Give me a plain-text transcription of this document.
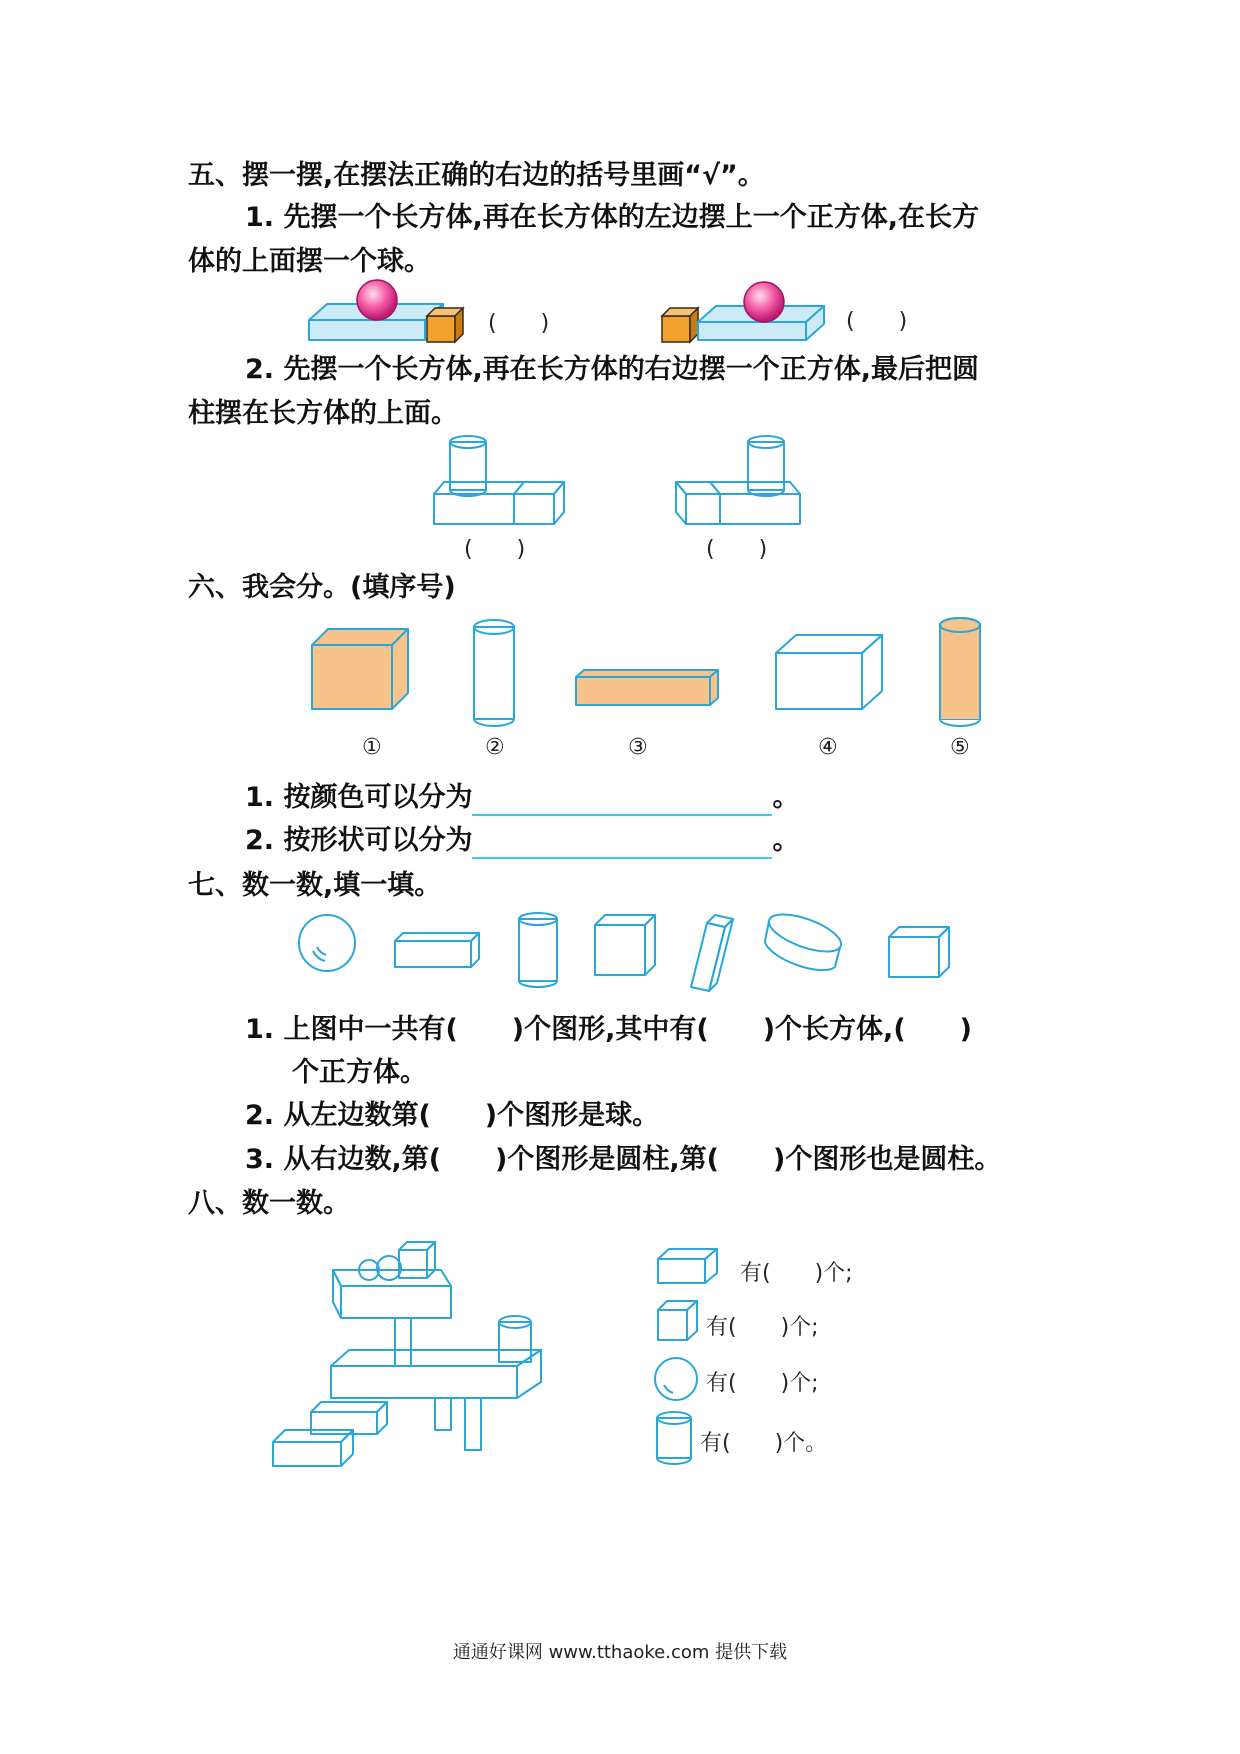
五、摆一摆,在摆法正确的右边的括号里画“√”。
1. 先摆一个长方体,再在长方体的左边摆上一个正方体,在长方
体的上面摆一个球。
(　　)	(　　)
2. 先摆一个长方体,再在长方体的右边摆一个正方体,最后把圆
柱摆在长方体的上面。
(　　)	(　　)
六、我会分。(填序号)
①	②	③	④	⑤
1. 按颜色可以分为	。
2. 按形状可以分为	。
七、数一数,填一填。
1. 上图中一共有(　　)个图形,其中有(　　)个长方体,(　　)
个正方体。
2. 从左边数第(　　)个图形是球。
3. 从右边数,第(　　)个图形是圆柱,第(　　)个图形也是圆柱。
八、数一数。
有(　　)个;
有(　　)个;
有(　　)个;
有(　　)个。
通通好课网 www.tthaoke.com 提供下载
